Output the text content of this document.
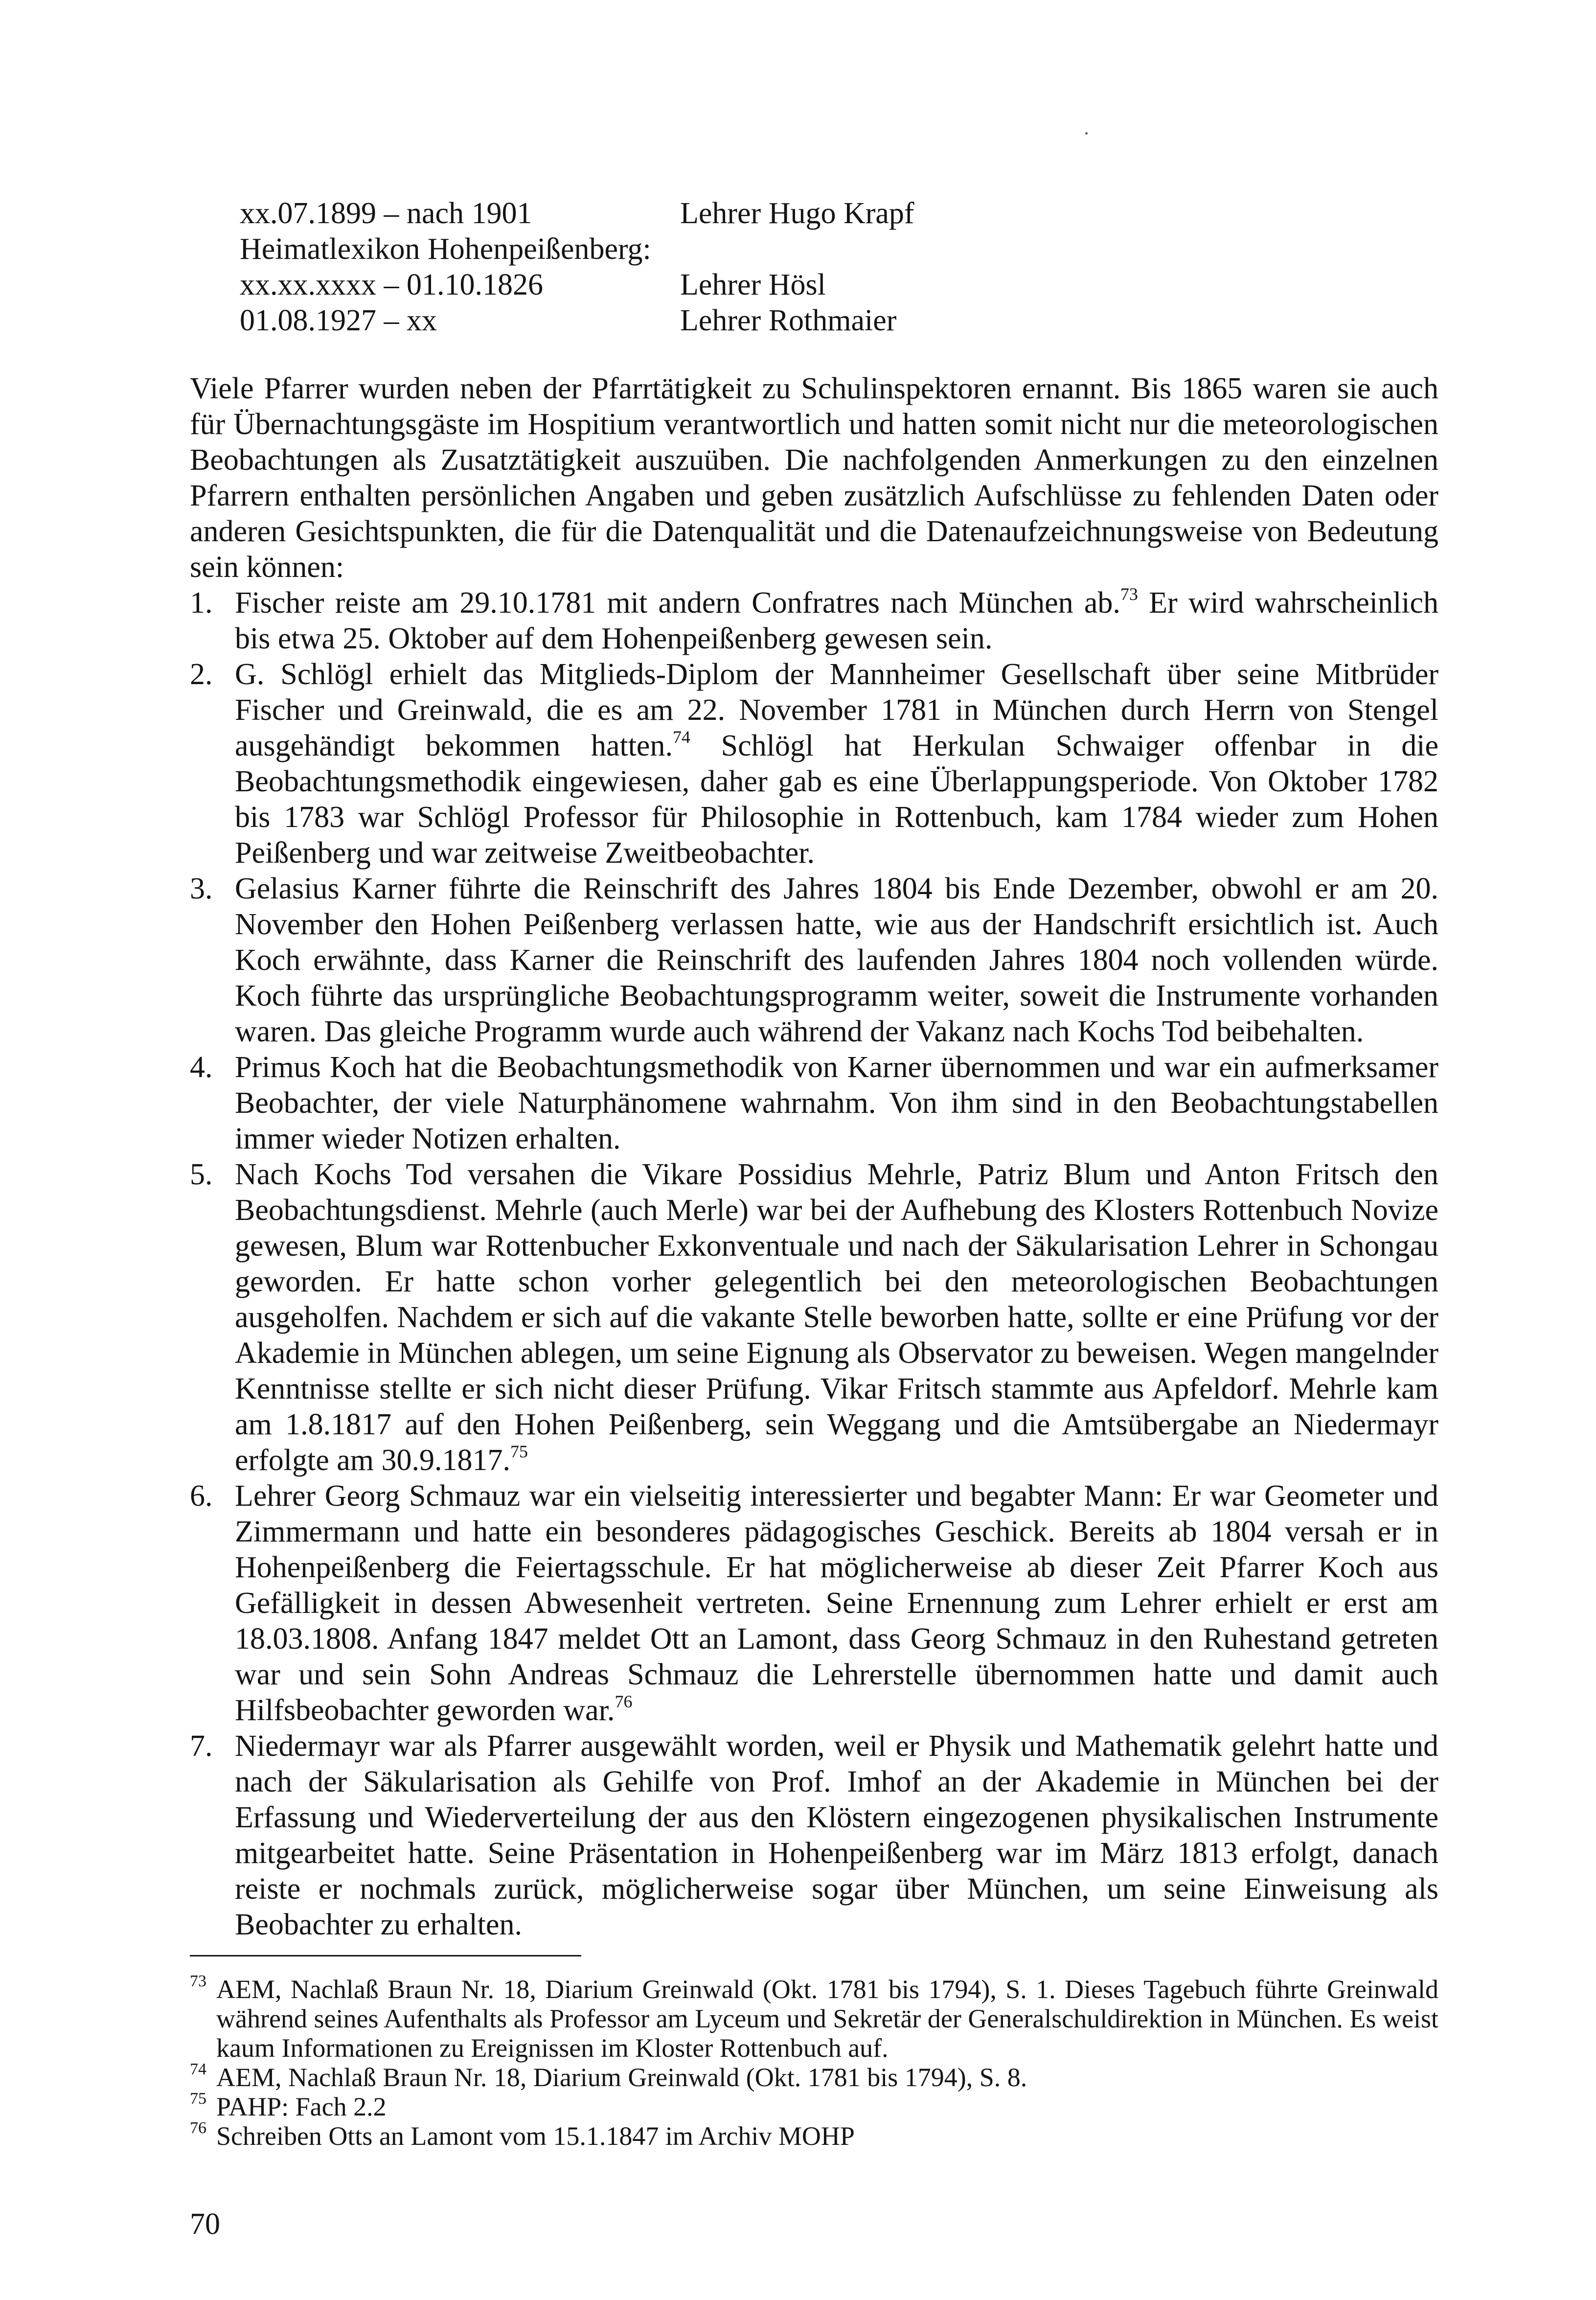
xx.07.1899 – nach 1901	Lehrer Hugo Krapf
Heimatlexikon Hohenpeißenberg:
xx.xx.xxxx – 01.10.1826	Lehrer Hösl
01.08.1927 – xx	Lehrer Rothmaier

Viele Pfarrer wurden neben der Pfarrtätigkeit zu Schulinspektoren ernannt. Bis 1865 waren sie auch für Übernachtungsgäste im Hospitium verantwortlich und hatten somit nicht nur die meteorologischen Beobachtungen als Zusatztätigkeit auszuüben. Die nachfolgenden Anmerkungen zu den einzelnen Pfarrern enthalten persönlichen Angaben und geben zusätzlich Aufschlüsse zu fehlenden Daten oder anderen Gesichtspunkten, die für die Datenqualität und die Datenaufzeichnungsweise von Bedeutung sein können:

1. Fischer reiste am 29.10.1781 mit andern Confratres nach München ab.$^{73}$ Er wird wahrscheinlich bis etwa 25. Oktober auf dem Hohenpeißenberg gewesen sein.
2. G. Schlögl erhielt das Mitglieds-Diplom der Mannheimer Gesellschaft über seine Mitbrüder Fischer und Greinwald, die es am 22. November 1781 in München durch Herrn von Stengel ausgehändigt bekommen hatten.$^{74}$ Schlögl hat Herkulan Schwaiger offenbar in die Beobachtungsmethodik eingewiesen, daher gab es eine Überlappungsperiode. Von Oktober 1782 bis 1783 war Schlögl Professor für Philosophie in Rottenbuch, kam 1784 wieder zum Hohen Peißenberg und war zeitweise Zweitbeobachter.
3. Gelasius Karner führte die Reinschrift des Jahres 1804 bis Ende Dezember, obwohl er am 20. November den Hohen Peißenberg verlassen hatte, wie aus der Handschrift ersichtlich ist. Auch Koch erwähnte, dass Karner die Reinschrift des laufenden Jahres 1804 noch vollenden würde. Koch führte das ursprüngliche Beobachtungsprogramm weiter, soweit die Instrumente vorhanden waren. Das gleiche Programm wurde auch während der Vakanz nach Kochs Tod beibehalten.
4. Primus Koch hat die Beobachtungsmethodik von Karner übernommen und war ein aufmerksamer Beobachter, der viele Naturphänomene wahrnahm. Von ihm sind in den Beobachtungstabellen immer wieder Notizen erhalten.
5. Nach Kochs Tod versahen die Vikare Possidius Mehrle, Patriz Blum und Anton Fritsch den Beobachtungsdienst. Mehrle (auch Merle) war bei der Aufhebung des Klosters Rottenbuch Novize gewesen, Blum war Rottenbucher Exkonventuale und nach der Säkularisation Lehrer in Schongau geworden. Er hatte schon vorher gelegentlich bei den meteorologischen Beobachtungen ausgeholfen. Nachdem er sich auf die vakante Stelle beworben hatte, sollte er eine Prüfung vor der Akademie in München ablegen, um seine Eignung als Observator zu beweisen. Wegen mangelnder Kenntnisse stellte er sich nicht dieser Prüfung. Vikar Fritsch stammte aus Apfeldorf. Mehrle kam am 1.8.1817 auf den Hohen Peißenberg, sein Weggang und die Amtsübergabe an Niedermayr erfolgte am 30.9.1817.75
6. Lehrer Georg Schmauz war ein vielseitig interessierter und begabter Mann: Er war Geometer und Zimmermann und hatte ein besonderes pädagogisches Geschick. Bereits ab 1804 versah er in Hohenpeißenberg die Feiertagsschule. Er hat möglicherweise ab dieser Zeit Pfarrer Koch aus Gefälligkeit in dessen Abwesenheit vertreten. Seine Ernennung zum Lehrer erhielt er erst am 18.03.1808. Anfang 1847 meldet Ott an Lamont, dass Georg Schmauz in den Ruhestand getreten war und sein Sohn Andreas Schmauz die Lehrerstelle übernommen hatte und damit auch Hilfsbeobachter geworden war.$^{76}$
7. Niedermayr war als Pfarrer ausgewählt worden, weil er Physik und Mathematik gelehrt hatte und nach der Säkularisation als Gehilfe von Prof. Imhof an der Akademie in München bei der Erfassung und Wiederverteilung der aus den Klöstern eingezogenen physikalischen Instrumente mitgearbeitet hatte. Seine Präsentation in Hohenpeißenberg war im März 1813 erfolgt, danach reiste er nochmals zurück, möglicherweise sogar über München, um seine Einweisung als Beobachter zu erhalten.
73 AEM, Nachlaß Braun Nr. 18, Diarium Greinwald (Okt. 1781 bis 1794), S. 1. Dieses Tagebuch führte Greinwald während seines Aufenthalts als Professor am Lyceum und Sekretär der Generalschuldirektion in München. Es weist kaum Informationen zu Ereignissen im Kloster Rottenbuch auf.
74 AEM, Nachlaß Braun Nr. 18, Diarium Greinwald (Okt. 1781 bis 1794), S. 8.
75 PAHP: Fach 2.2
76 Schreiben Otts an Lamont vom 15.1.1847 im Archiv MOHP
70
